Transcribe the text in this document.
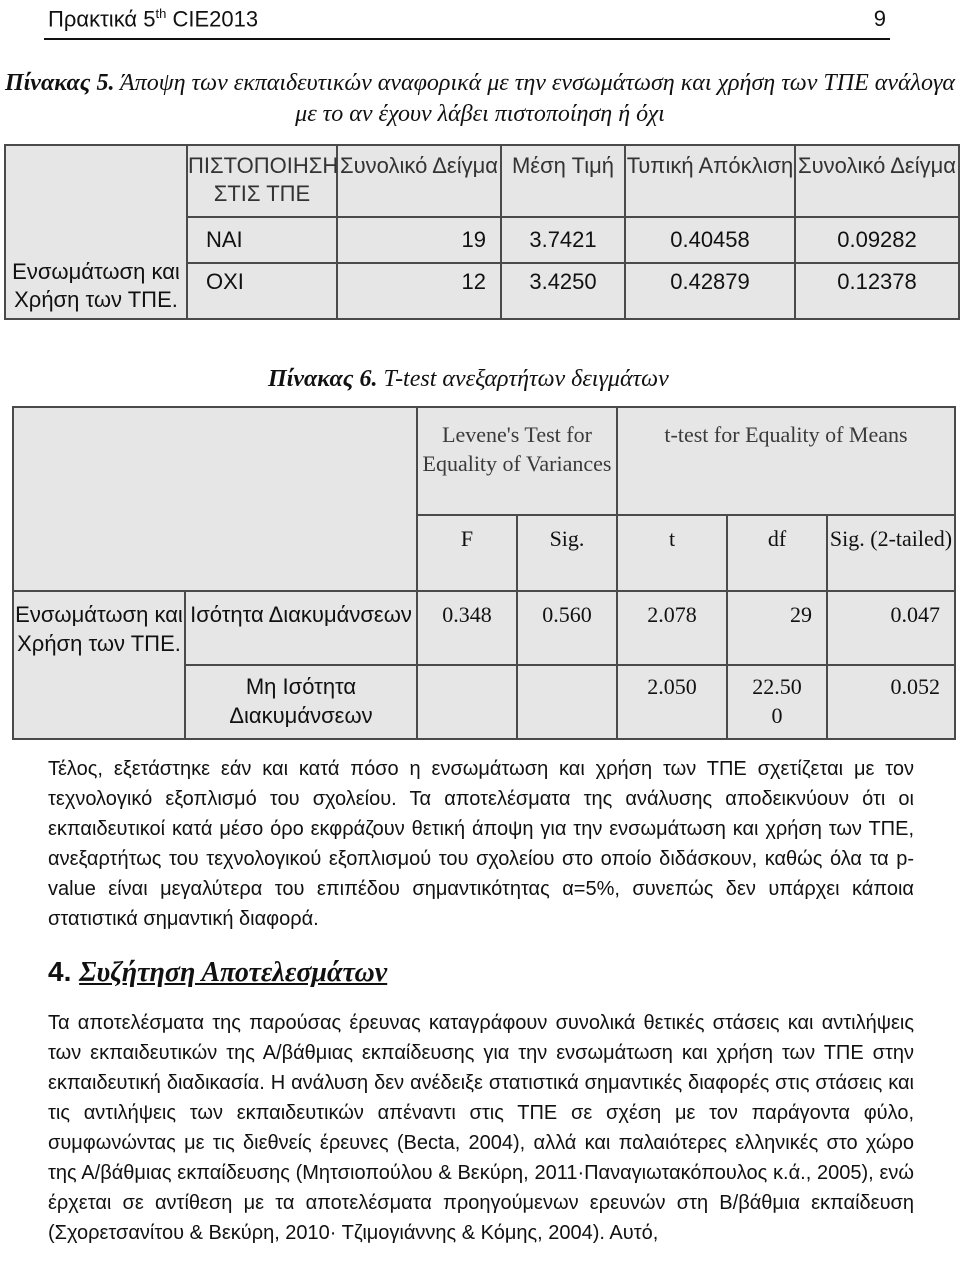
Πρακτικά 5th CIE2013	9
Πίνακας 5. Άποψη των εκπαιδευτικών αναφορικά με την ενσωμάτωση και χρήση των ΤΠΕ ανάλογα με το αν έχουν λάβει πιστοποίηση ή όχι
Ενσωμάτωση και Χρήση των ΤΠΕ.	ΠΙΣΤΟΠΟΙΗΣΗ ΣΤΙΣ ΤΠΕ	Συνολικό Δείγμα	Μέση Τιμή	Τυπική Απόκλιση	Συνολικό Δείγμα
	ΝΑΙ	19	3.7421	0.40458	0.09282
	ΟΧΙ	12	3.4250	0.42879	0.12378
Πίνακας 6. T-test ανεξαρτήτων δειγμάτων
		Levene's Test for Equality of Variances		t-test for Equality of Means		
		F	Sig.	t	df	Sig. (2-tailed)
Ενσωμάτωση και Χρήση των ΤΠΕ.	Ισότητα Διακυμάνσεων	0.348	0.560	2.078	29	0.047
	Μη Ισότητα Διακυμάνσεων			2.050	22.500	0.052

Τέλος, εξετάστηκε εάν και κατά πόσο η ενσωμάτωση και χρήση των ΤΠΕ σχετίζεται με τον τεχνολογικό εξοπλισμό του σχολείου. Τα αποτελέσματα της ανάλυσης αποδεικνύουν ότι οι εκπαιδευτικοί κατά μέσο όρο εκφράζουν θετική άποψη για την ενσωμάτωση και χρήση των ΤΠΕ, ανεξαρτήτως του τεχνολογικού εξοπλισμού του σχολείου στο οποίο διδάσκουν, καθώς όλα τα p-value είναι μεγαλύτερα του επιπέδου σημαντικότητας α=5%, συνεπώς δεν υπάρχει κάποια στατιστικά σημαντική διαφορά.

4. Συζήτηση Αποτελεσμάτων

Τα αποτελέσματα της παρούσας έρευνας καταγράφουν συνολικά θετικές στάσεις και αντιλήψεις των εκπαιδευτικών της Α/βάθμιας εκπαίδευσης για την ενσωμάτωση και χρήση των ΤΠΕ στην εκπαιδευτική διαδικασία. Η ανάλυση δεν ανέδειξε στατιστικά σημαντικές διαφορές στις στάσεις και τις αντιλήψεις των εκπαιδευτικών απέναντι στις ΤΠΕ σε σχέση με τον παράγοντα φύλο, συμφωνώντας με τις διεθνείς έρευνες (Becta, 2004), αλλά και παλαιότερες ελληνικές στο χώρο της Α/βάθμιας εκπαίδευσης (Μητσιοπούλου & Βεκύρη, 2011·Παναγιωτακόπουλος κ.ά., 2005), ενώ έρχεται σε αντίθεση με τα αποτελέσματα προηγούμενων ερευνών στη Β/βάθμια εκπαίδευση (Σχορετσανίτου & Βεκύρη, 2010· Τζιμογιάννης & Κόμης, 2004). Αυτό,
